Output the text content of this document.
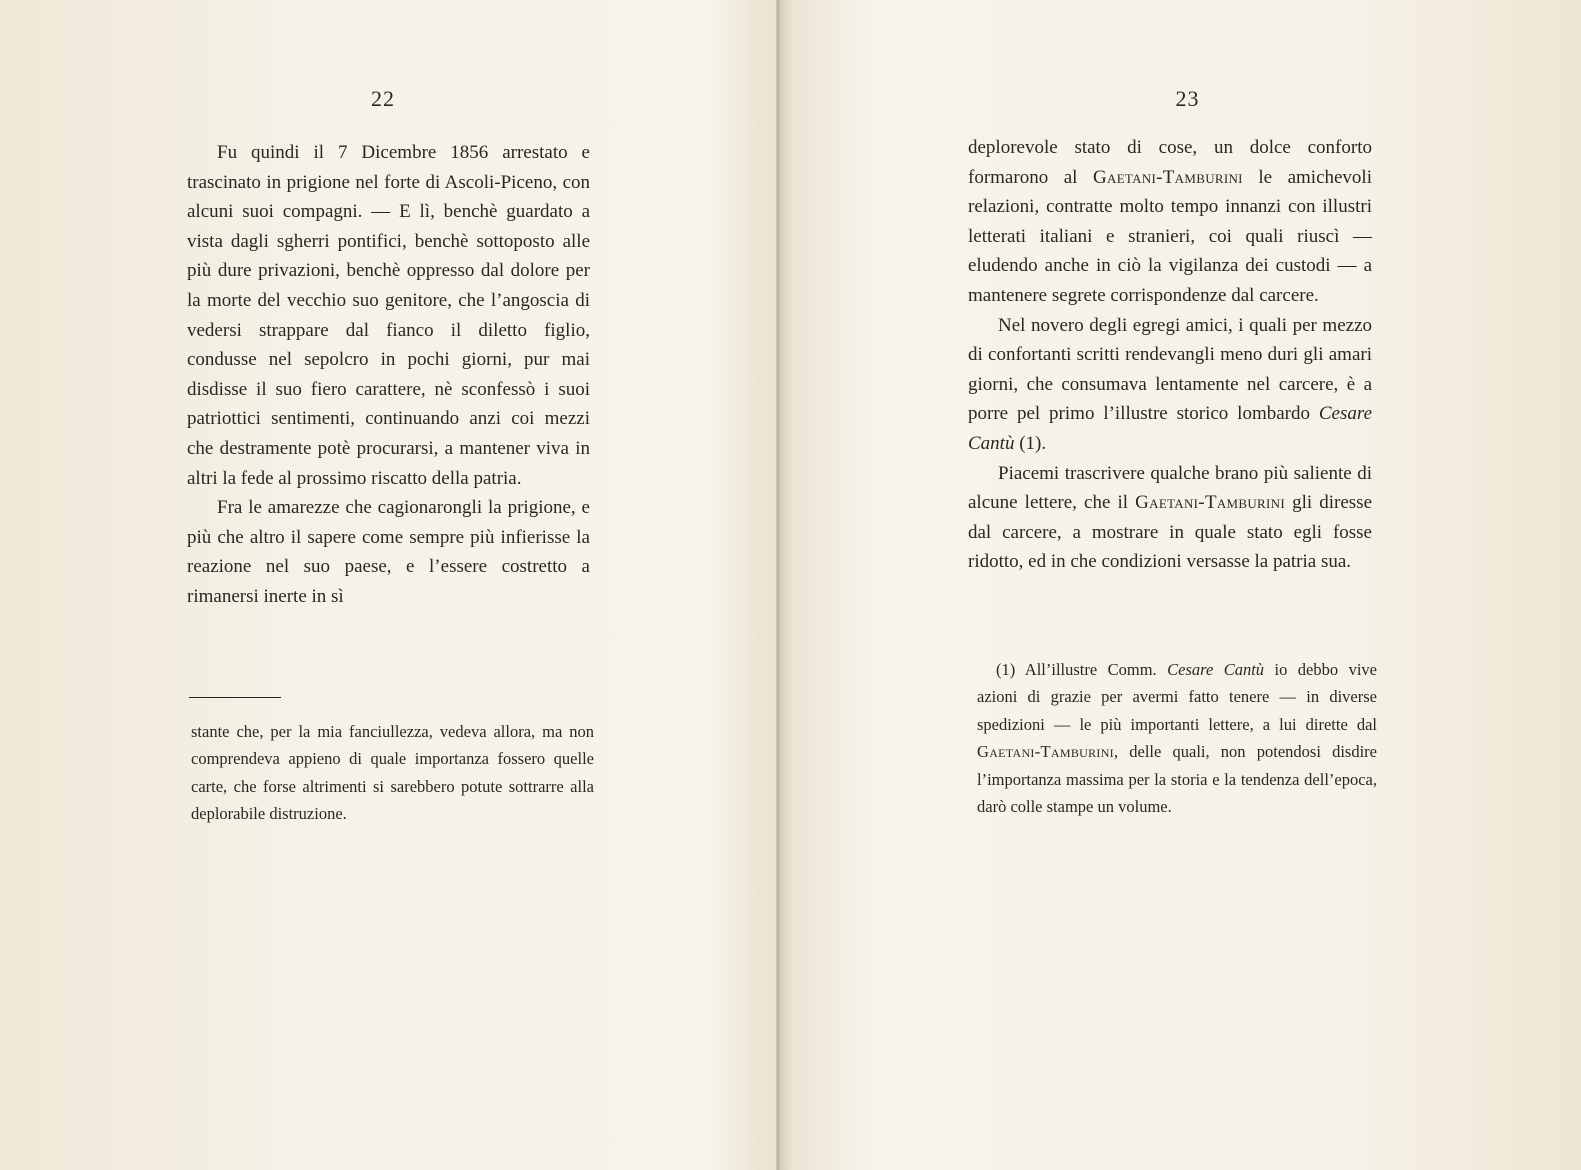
22

Fu quindi il 7 Dicembre 1856 arrestato e trascinato in prigione nel forte di Ascoli-Piceno, con alcuni suoi compagni. — E lì, benchè guardato a vista dagli sgherri pontifici, benchè sottoposto alle più dure privazioni, benchè oppresso dal dolore per la morte del vecchio suo genitore, che l’angoscia di vedersi strappare dal fianco il diletto figlio, condusse nel sepolcro in pochi giorni, pur mai disdisse il suo fiero carattere, nè sconfessò i suoi patriottici sentimenti, continuando anzi coi mezzi che destramente potè procurarsi, a mantener viva in altri la fede al prossimo riscatto della patria.

Fra le amarezze che cagionarongli la prigione, e più che altro il sapere come sempre più infierisse la reazione nel suo paese, e l’essere costretto a rimanersi inerte in sì

stante che, per la mia fanciullezza, vedeva allora, ma non comprendeva appieno di quale importanza fossero quelle carte, che forse altrimenti si sarebbero potute sottrarre alla deplorabile distruzione.

23

deplorevole stato di cose, un dolce conforto formarono al Gaetani-Tamburini le amichevoli relazioni, contratte molto tempo innanzi con illustri letterati italiani e stranieri, coi quali riuscì — eludendo anche in ciò la vigilanza dei custodi — a mantenere segrete corrispondenze dal carcere.

Nel novero degli egregi amici, i quali per mezzo di confortanti scritti rendevangli meno duri gli amari giorni, che consumava lentamente nel carcere, è a porre pel primo l’illustre storico lombardo Cesare Cantù (1).

Piacemi trascrivere qualche brano più saliente di alcune lettere, che il Gaetani-Tamburini gli diresse dal carcere, a mostrare in quale stato egli fosse ridotto, ed in che condizioni versasse la patria sua.

(1) All’illustre Comm. Cesare Cantù io debbo vive azioni di grazie per avermi fatto tenere — in diverse spedizioni — le più importanti lettere, a lui dirette dal Gaetani-Tamburini, delle quali, non potendosi disdire l’importanza massima per la storia e la tendenza dell’epoca, darò colle stampe un volume.
